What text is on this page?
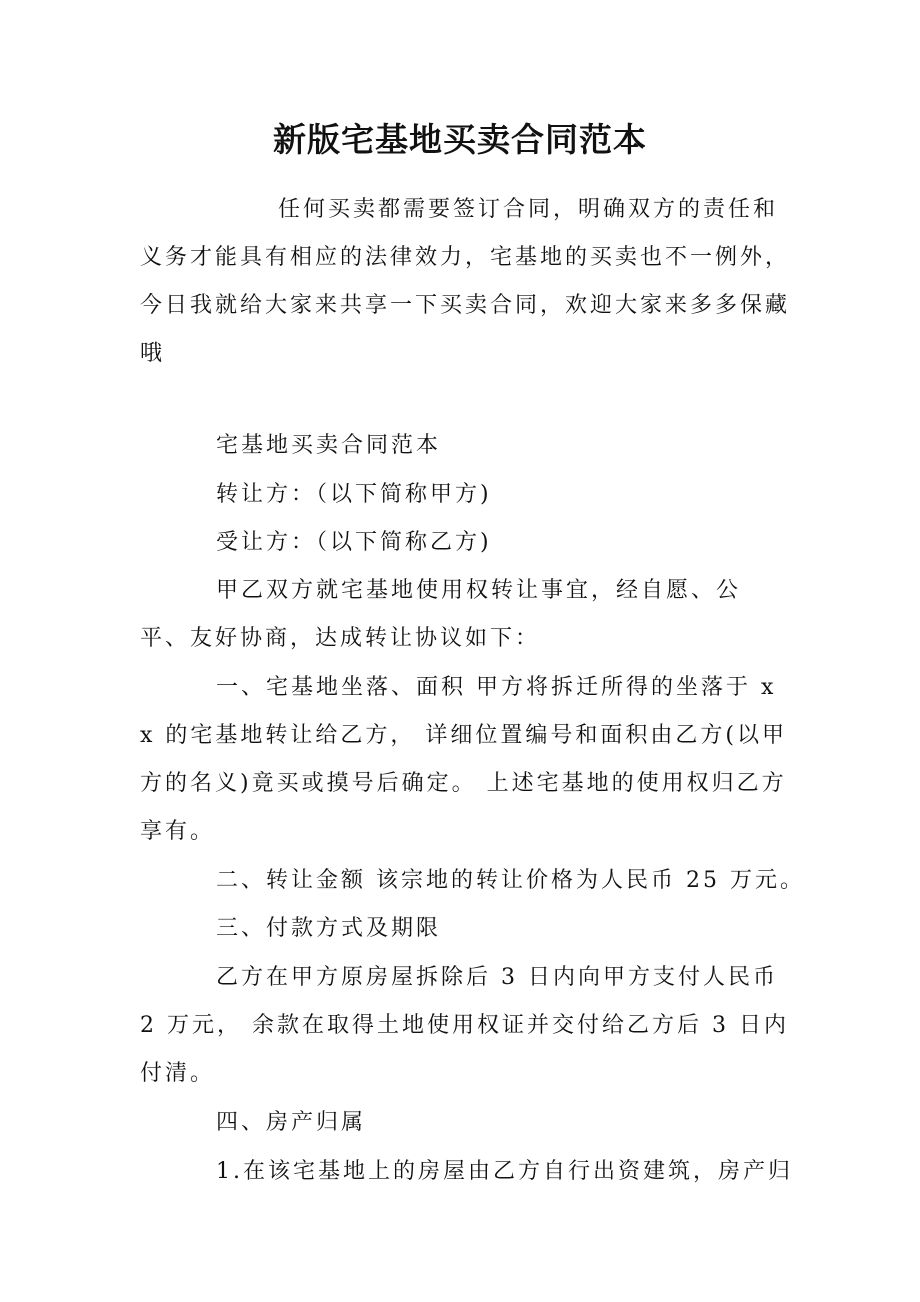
新版宅基地买卖合同范本
任何买卖都需要签订合同，明确双方的责任和义务才能具有相应的法律效力，宅基地的买卖也不一例外，今日我就给大家来共享一下买卖合同，欢迎大家来多多保藏哦
宅基地买卖合同范本
转让方：（以下简称甲方)
受让方：（以下简称乙方)
甲乙双方就宅基地使用权转让事宜，经自愿、公平、友好协商，达成转让协议如下：
一、宅基地坐落、面积 甲方将拆迁所得的坐落于 xx 的宅基地转让给乙方， 详细位置编号和面积由乙方(以甲方的名义)竟买或摸号后确定。 上述宅基地的使用权归乙方享有。
二、转让金额 该宗地的转让价格为人民币 25 万元。
三、付款方式及期限
乙方在甲方原房屋拆除后 3 日内向甲方支付人民币 2 万元， 余款在取得土地使用权证并交付给乙方后 3 日内付清。
四、房产归属
1.在该宅基地上的房屋由乙方自行出资建筑，房产归
